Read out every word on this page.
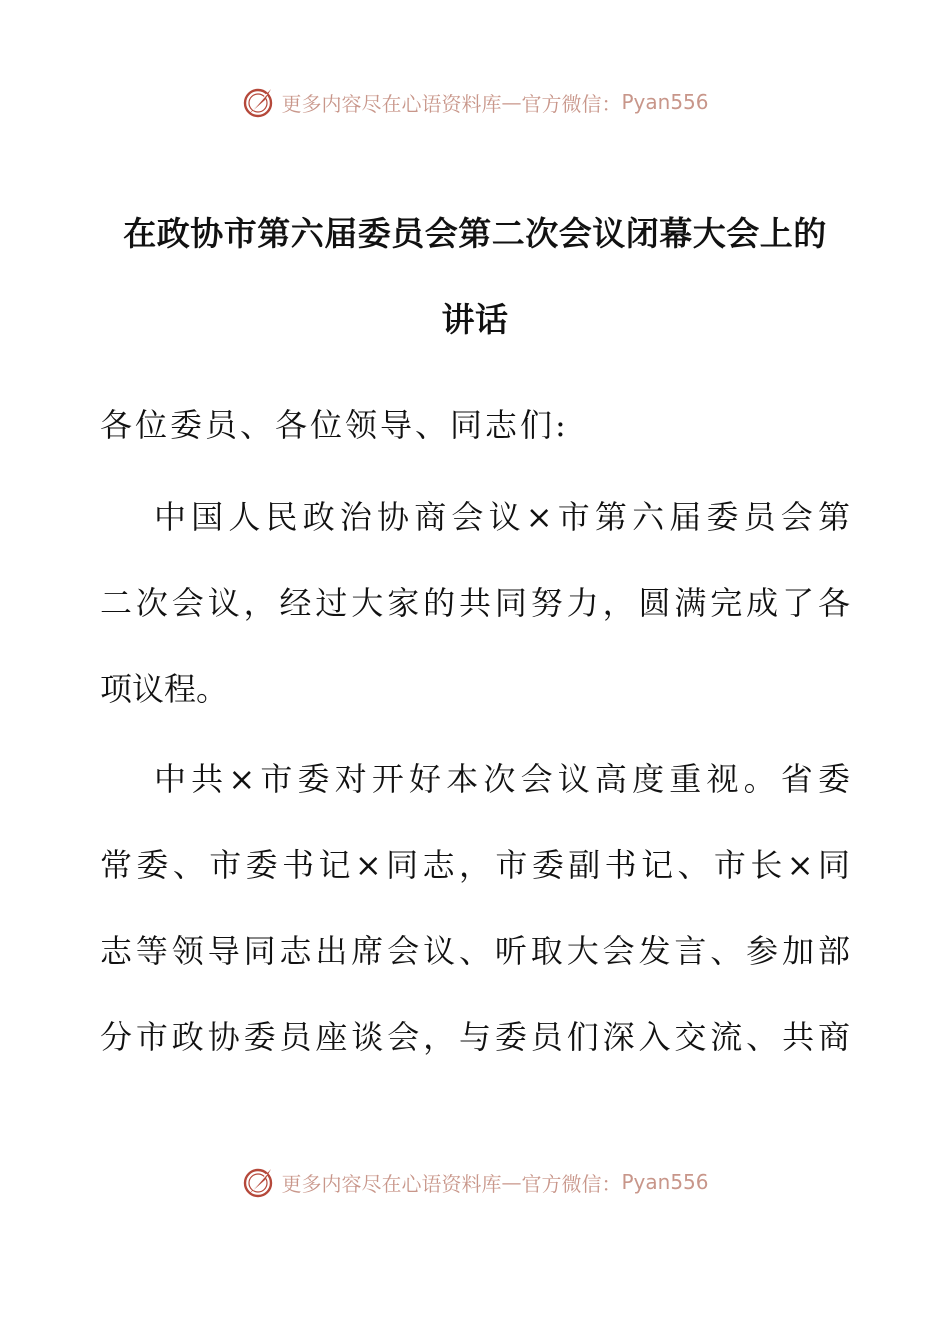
更多内容尽在心语资料库 — 官方微信： Pyan556
在政协市第六届委员会第二次会议闭幕大会上的
讲话
各位委员、各位领导、同志们:
中国人民政治协商会议×市第六届委员会第
二次会议，经过大家的共同努力，圆满完成了各
项议程。
中共×市委对开好本次会议高度重视。省委
常委、市委书记×同志，市委副书记、市长×同
志等领导同志出席会议、听取大会发言、参加部
分市政协委员座谈会，与委员们深入交流、共商
更多内容尽在心语资料库 — 官方微信： Pyan556
